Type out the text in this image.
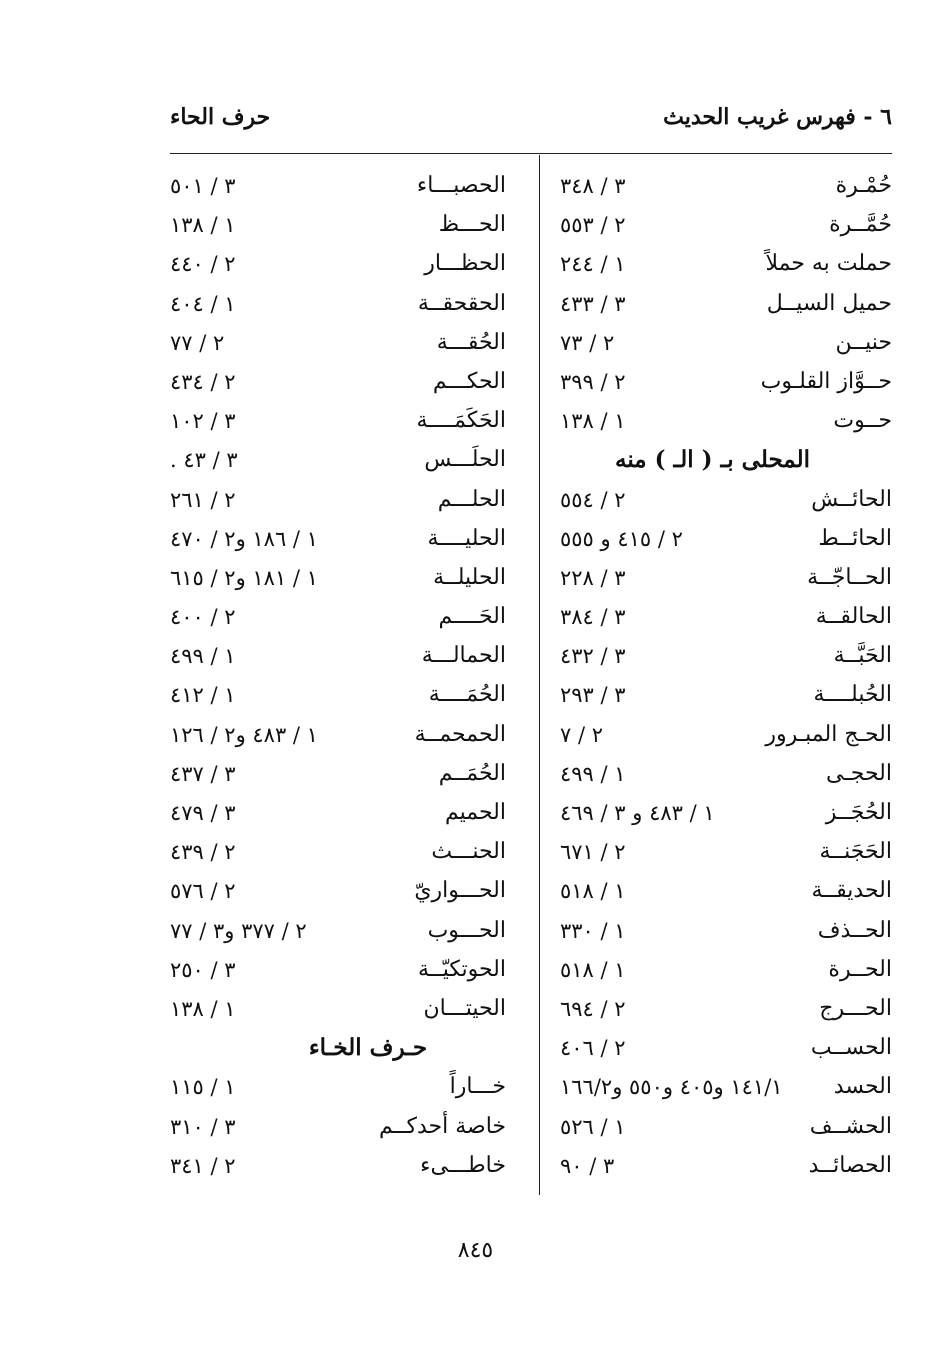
٦ - فهرس غريب الحديث
حرف الحاء
حُمْـرة
٣ / ٣٤٨
حُمَّــرة
٢ / ٥٥٣
حملت به حملاً
١ / ٢٤٤
حميل السيــل
٣ / ٤٣٣
حنيــن
٢ / ٧٣
حــوَّاز القلـوب
٢ / ٣٩٩
حــوت
١ / ١٣٨
المحلى بـ ( الـ ) منه
الحائــش
٢ / ٥٥٤
الحائــط
٢ / ٤١٥ و ٥٥٥
الحــاجّــة
٣ / ٢٢٨
الحالقــة
٣ / ٣٨٤
الحَبَّــة
٣ / ٤٣٢
الحُبلــــة
٣ / ٢٩٣
الحـج المبـرور
٢ / ٧
الحجـى
١ / ٤٩٩
الحُجَــز
١ / ٤٨٣ و ٣ / ٤٦٩
الحَجَنــة
٢ / ٦٧١
الحديقــة
١ / ٥١٨
الحــذف
١ / ٣٣٠
الحــرة
١ / ٥١٨
الحـــرج
٢ / ٦٩٤
الحســب
٢ / ٤٠٦
الحسد
١٤١/١ و٤٠٥ و٥٥٠ و١٦٦/٢
الحشــف
١ / ٥٢٦
الحصائــد
٣ / ٩٠
الحصبـــاء
٣ / ٥٠١
الحـــظ
١ / ١٣٨
الحظـــار
٢ / ٤٤٠
الحقحقــة
١ / ٤٠٤
الحُقـــة
٢ / ٧٧
الحكـــم
٢ / ٤٣٤
الحَكَمَــــة
٣ / ١٠٢
الحلَـــس
٣ / ٤٣ .
الحلـــم
٢ / ٢٦١
الحليــــة
١ / ١٨٦ و٢ / ٤٧٠
الحليلــة
١ / ١٨١ و٢ / ٦١٥
الحَــــم
٢ / ٤٠٠
الحمالـــة
١ / ٤٩٩
الحُمَــــة
١ / ٤١٢
الحمحمــة
١ / ٤٨٣ و٢ / ١٢٦
الحُمَــم
٣ / ٤٣٧
الحميم
٣ / ٤٧٩
الحنـــث
٢ / ٤٣٩
الحـــواريّ
٢ / ٥٧٦
الحـــوب
٢ / ٣٧٧ و٣ / ٧٧
الحوتكيّــة
٣ / ٢٥٠
الحيتـــان
١ / ١٣٨
حـرف الخـاء
خـــاراً
١ / ١١٥
خاصة أحدكــم
٣ / ٣١٠
خاطـــىء
٢ / ٣٤١
٨٤٥
